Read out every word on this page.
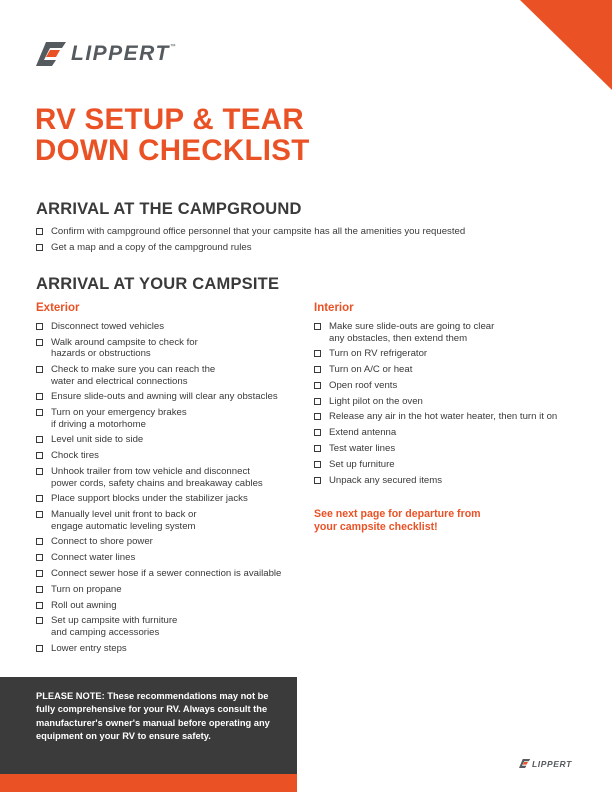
LIPPERT ™
RV SETUP & TEAR
DOWN CHECKLIST
ARRIVAL AT THE CAMPGROUND
Confirm with campground office personnel that your campsite has all the amenities you requested
Get a map and a copy of the campground rules
ARRIVAL AT YOUR CAMPSITE
Exterior
Disconnect towed vehicles
Walk around campsite to check for
hazards or obstructions
Check to make sure you can reach the
water and electrical connections
Ensure slide-outs and awning will clear any obstacles
Turn on your emergency brakes
if driving a motorhome
Level unit side to side
Chock tires
Unhook trailer from tow vehicle and disconnect
power cords, safety chains and breakaway cables
Place support blocks under the stabilizer jacks
Manually level unit front to back or
engage automatic leveling system
Connect to shore power
Connect water lines
Connect sewer hose if a sewer connection is available
Turn on propane
Roll out awning
Set up campsite with furniture
and camping accessories
Lower entry steps
Interior
Make sure slide-outs are going to clear
any obstacles, then extend them
Turn on RV refrigerator
Turn on A/C or heat
Open roof vents
Light pilot on the oven
Release any air in the hot water heater, then turn it on
Extend antenna
Test water lines
Set up furniture
Unpack any secured items

See next page for departure from
your campsite checklist!

PLEASE NOTE: These recommendations may not be fully comprehensive for your RV. Always consult the manufacturer's owner's manual before operating any equipment on your RV to ensure safety.

LIPPERT
